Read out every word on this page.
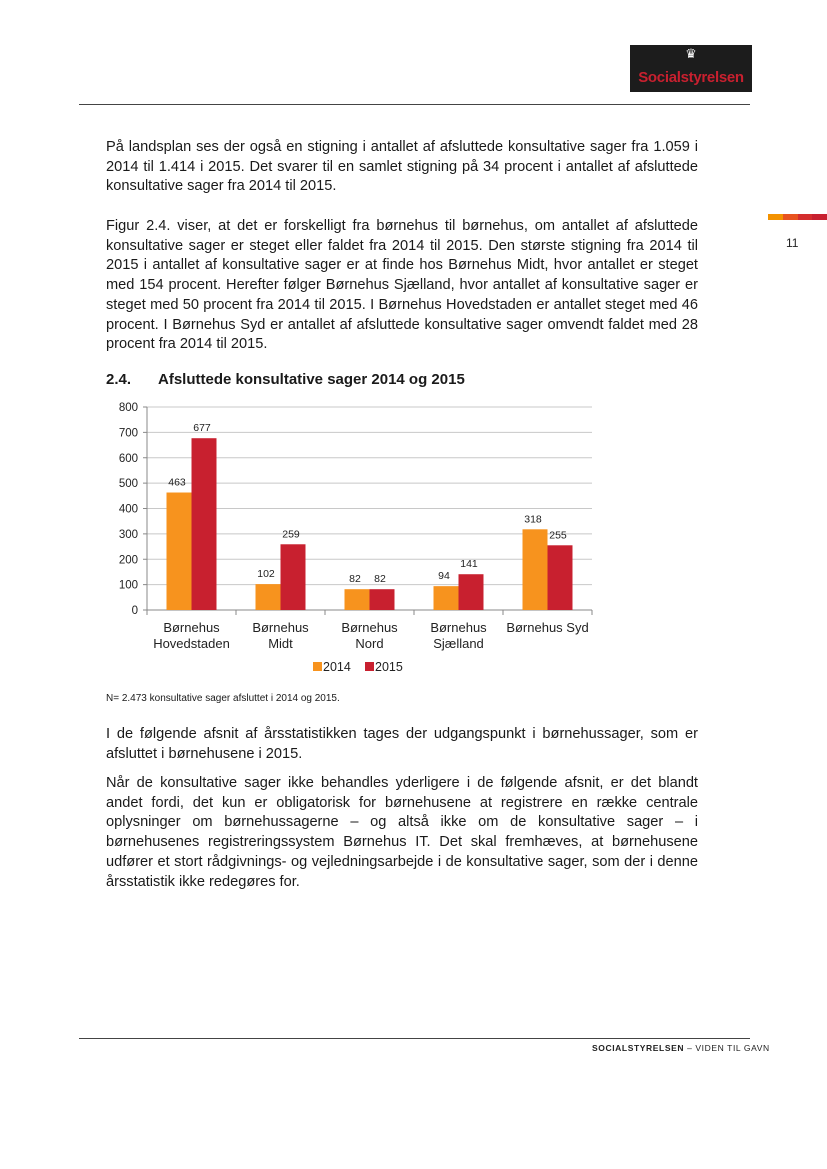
♛
Socialstyrelsen
11

På landsplan ses der også en stigning i antallet af afsluttede konsultative sager fra 1.059 i 2014 til 1.414 i 2015. Det svarer til en samlet stigning på 34 procent i antallet af afsluttede konsultative sager fra 2014 til 2015.

Figur 2.4. viser, at det er forskelligt fra børnehus til børnehus, om antallet af afsluttede konsultative sager er steget eller faldet fra 2014 til 2015. Den største stigning fra 2014 til 2015 i antallet af konsultative sager er at finde hos Børnehus Midt, hvor antallet er steget med 154 procent. Herefter følger Børnehus Sjælland, hvor antallet af konsultative sager er steget med 50 procent fra 2014 til 2015. I Børnehus Hovedstaden er antallet steget med 46 procent. I Børnehus Syd er antallet af afsluttede konsultative sager omvendt faldet med 28 procent fra 2014 til 2015.

2.4. Afsluttede konsultative sager 2014 og 2015
0
100
200
300
400
500
600
700
800
463
677
Børnehus
Hovedstaden
102
259
Børnehus
Midt
82 82
Børnehus
Nord
94
141
Børnehus
Sjælland
318
255
Børnehus Syd
2014 2015
N= 2.473 konsultative sager afsluttet i 2014 og 2015.

I de følgende afsnit af årsstatistikken tages der udgangspunkt i børnehussager, som er afsluttet i børnehusene i 2015.

Når de konsultative sager ikke behandles yderligere i de følgende afsnit, er det blandt andet fordi, det kun er obligatorisk for børnehusene at registrere en række centrale oplysninger om børnehussagerne – og altså ikke om de konsultative sager – i børnehusenes registreringssystem Børnehus IT. Det skal fremhæves, at børnehusene udfører et stort rådgivnings- og vejledningsarbejde i de konsultative sager, som der i denne årsstatistik ikke redegøres for.

SOCIALSTYRELSEN – VIDEN TIL GAVN
